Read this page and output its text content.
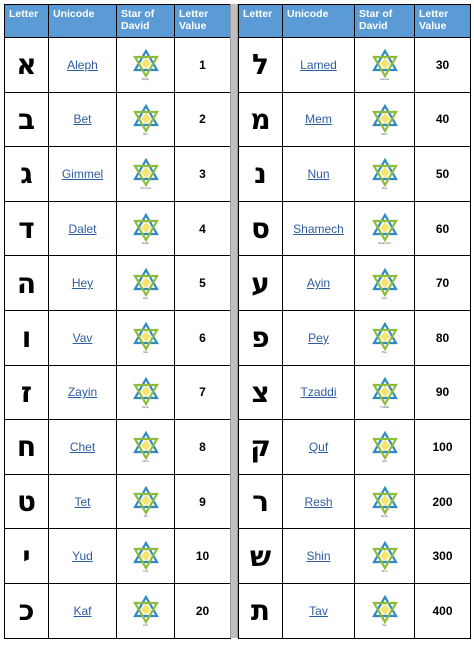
Letter	Unicode	Star of David	Letter Value
א	Aleph	Aleph	1
ב	Bet	Bet	2
ג	Gimmel	Gimmel	3
ד	Dalet	Dalet	4
ה	Hey	Hey	5
ו	Vav	Vav	6
ז	Zayin	Zayin	7
ח	Chet	Chet	8
ט	Tet	Tet	9
י	Yud	Yud	10
כ	Kaf	Kaf	20
Letter	Unicode	Star of David	Letter Value
ל	Lamed	Lamed	30
מ	Mem	Mem	40
נ	Nun	Nun	50
ס	Shamech	Shamech	60
ע	Ayin	Ayin	70
פ	Pey	Pey	80
צ	Tzaddi	Tzaddi	90
ק	Quf	Quf	100
ר	Resh	Resh	200
ש	Shin	Shin	300
ת	Tav	Tav	400
